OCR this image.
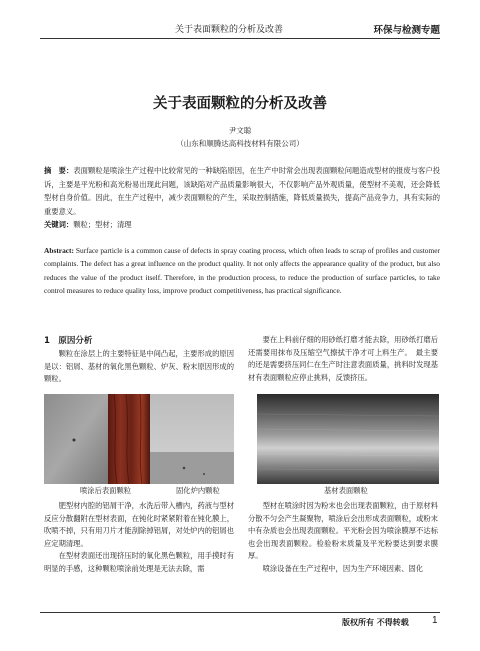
关于表面颗粒的分析及改善	环保与检测专题
关于表面颗粒的分析及改善
尹文聪
（山东和顺腾达高科技材料有限公司）
摘　要：表面颗粒是喷涂生产过程中比较常见的一种缺陷原因，在生产中时常会出现表面颗粒问题造成型材的报废与客户投诉，主要是平光粉和高光粉易出现此问题，该缺陷对产品质量影响很大，不仅影响产品外观质量，使型材不美观，还会降低型材自身价值。因此，在生产过程中，减少表面颗粒的产生，采取控制措施，降低质量损失，提高产品竞争力，具有实际的重要意义。
关键词：颗粒；型材；清理
Abstract: Surface particle is a common cause of defects in spray coating process, which often leads to scrap of profiles and customer complaints. The defect has a great influence on the product quality. It not only affects the appearance quality of the product, but also reduces the value of the product itself. Therefore, in the production process, to reduce the production of surface particles, to take control measures to reduce quality loss, improve product competitiveness, has practical significance.
1　原因分析

颗粒在涂层上的主要特征是中间凸起，主要形成的原因是以：铝屑、基材的氧化黑色颗粒、炉灰、粉末原因形成的颗粒。

要在上料前仔细的用砂纸打磨才能去除，用砂纸打磨后还需要用抹布及压缩空气擦拭干净才可上料生产。　最主要的还是需要挤压同仁在生产时注意表面质量，挑料时发现基材有表面颗粒应停止挑料，反馈挤压。

喷涂后表面颗粒	固化炉内颗粒	基材表面颗粒

肥型材内腔的铝屑干净，水洗后带入槽内，药液与型材反应分散翻附在型材表面，在钝化时紧紧附着在钝化膜上，吹喷不掉，只有用刀片才能刮除掉铝屑，对处炉内的铝屑也应定期清理。

在型材表面还出现挤压时的氧化黑色颗粒，用手摸时有明显的手感，这种颗粒喷涂前处理是无法去除，需

型材在喷涂时因为粉末也会出现表面颗粒，由于原材料分散不匀会产生凝聚物，喷涂后会出形成表面颗粒，或粉末中有杂质也会出现表面颗粒。平光粉会因为喷涂膜厚不达标也会出现表面颗粒。检验粉末质量及平光粉要达到要求膜厚。

喷涂设备在生产过程中，因为生产环境因素、固化

版权所有 不得转载 1
